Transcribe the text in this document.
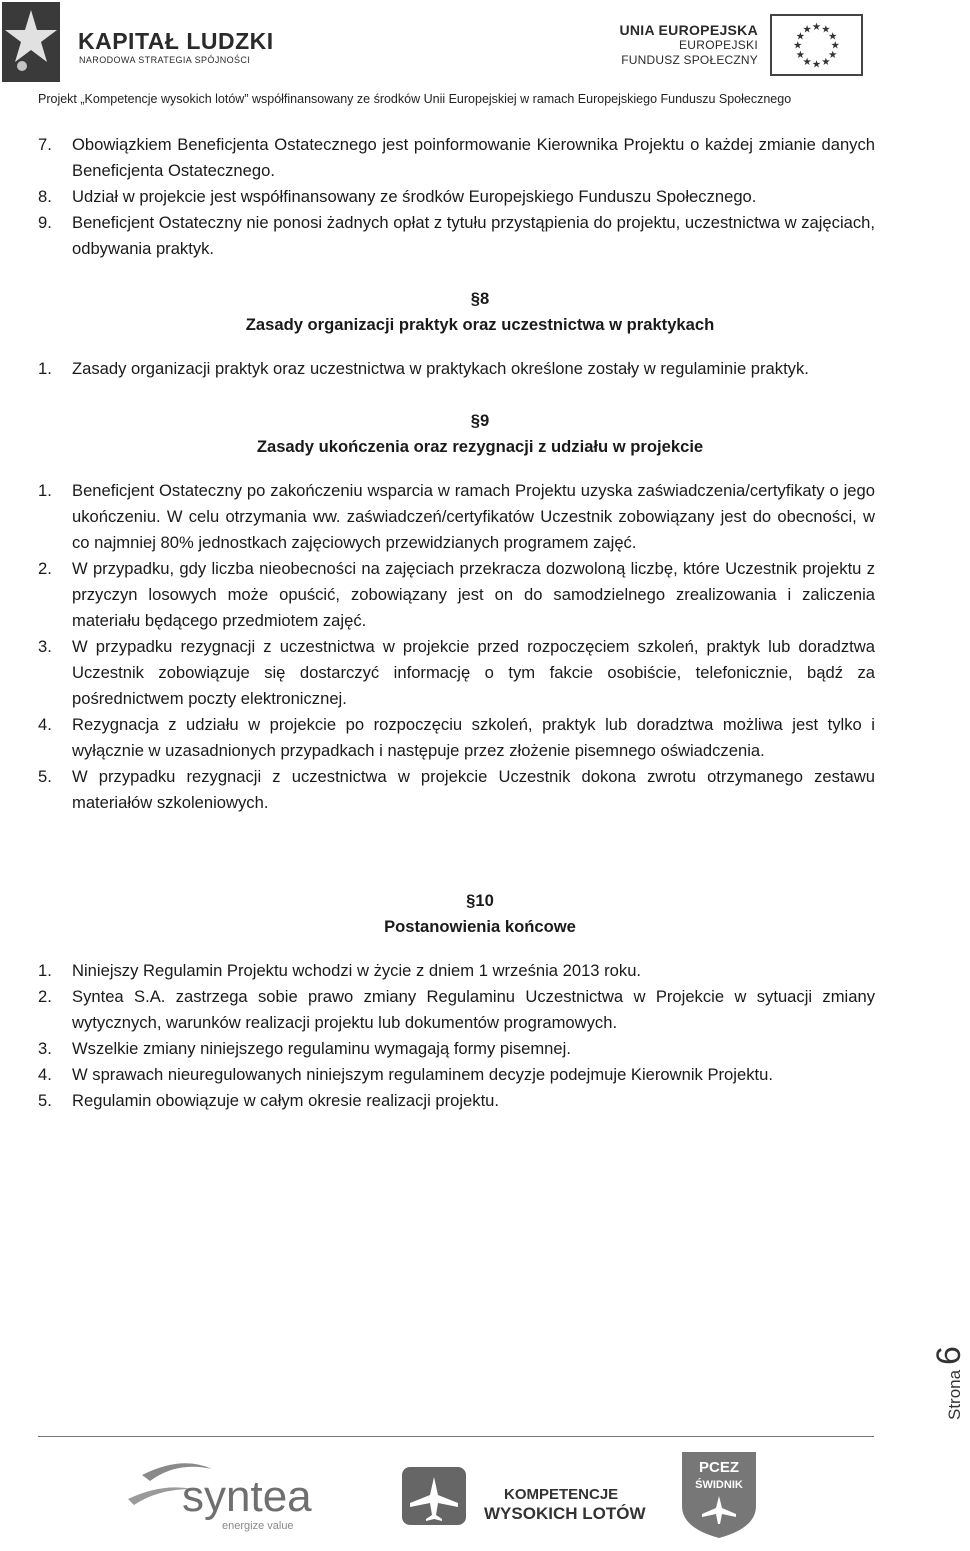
KAPITAŁ LUDZKI
NARODOWA STRATEGIA SPÓJNOŚCI
UNIA EUROPEJSKA
EUROPEJSKI
FUNDUSZ SPOŁECZNY
★ ★
★
★
★
★
★
★
★
★
★
★
Projekt „Kompetencje wysokich lotów” współfinansowany ze środków Unii Europejskiej w ramach Europejskiego Funduszu Społecznego
7. Obowiązkiem Beneficjenta Ostatecznego jest poinformowanie Kierownika Projektu o każdej zmianie danych Beneficjenta Ostatecznego.
8. Udział w projekcie jest współfinansowany ze środków Europejskiego Funduszu Społecznego.
9. Beneficjent Ostateczny nie ponosi żadnych opłat z tytułu przystąpienia do projektu, uczestnictwa w zajęciach, odbywania praktyk.
§8
Zasady organizacji praktyk oraz uczestnictwa w praktykach
1. Zasady organizacji praktyk oraz uczestnictwa w praktykach określone zostały w regulaminie praktyk.
§9
Zasady ukończenia oraz rezygnacji z udziału w projekcie
1. Beneficjent Ostateczny po zakończeniu wsparcia w ramach Projektu uzyska zaświadczenia/certyfikaty o jego ukończeniu. W celu otrzymania ww. zaświadczeń/certyfikatów Uczestnik zobowiązany jest do obecności, w co najmniej 80% jednostkach zajęciowych przewidzianych programem zajęć.
2. W przypadku, gdy liczba nieobecności na zajęciach przekracza dozwoloną liczbę, które Uczestnik projektu z przyczyn losowych może opuścić, zobowiązany jest on do samodzielnego zrealizowania i zaliczenia materiału będącego przedmiotem zajęć.
3. W przypadku rezygnacji z uczestnictwa w projekcie przed rozpoczęciem szkoleń, praktyk lub doradztwa Uczestnik zobowiązuje się dostarczyć informację o tym fakcie osobiście, telefonicznie, bądź za pośrednictwem poczty elektronicznej.
4. Rezygnacja z udziału w projekcie po rozpoczęciu szkoleń, praktyk lub doradztwa możliwa jest tylko i wyłącznie w uzasadnionych przypadkach i następuje przez złożenie pisemnego oświadczenia.
5. W przypadku rezygnacji z uczestnictwa w projekcie Uczestnik dokona zwrotu otrzymanego zestawu materiałów szkoleniowych.
§10
Postanowienia końcowe
1. Niniejszy Regulamin Projektu wchodzi w życie z dniem 1 września 2013 roku.
2. Syntea S.A. zastrzega sobie prawo zmiany Regulaminu Uczestnictwa w Projekcie w sytuacji zmiany wytycznych, warunków realizacji projektu lub dokumentów programowych.
3. Wszelkie zmiany niniejszego regulaminu wymagają formy pisemnej.
4. W sprawach nieuregulowanych niniejszym regulaminem decyzje podejmuje Kierownik Projektu.
5. Regulamin obowiązuje w całym okresie realizacji projektu.
Strona
6
syntea
energize value
KOMPETENCJE
WYSOKICH LOTÓW
PCEZ
ŚWIDNIK
